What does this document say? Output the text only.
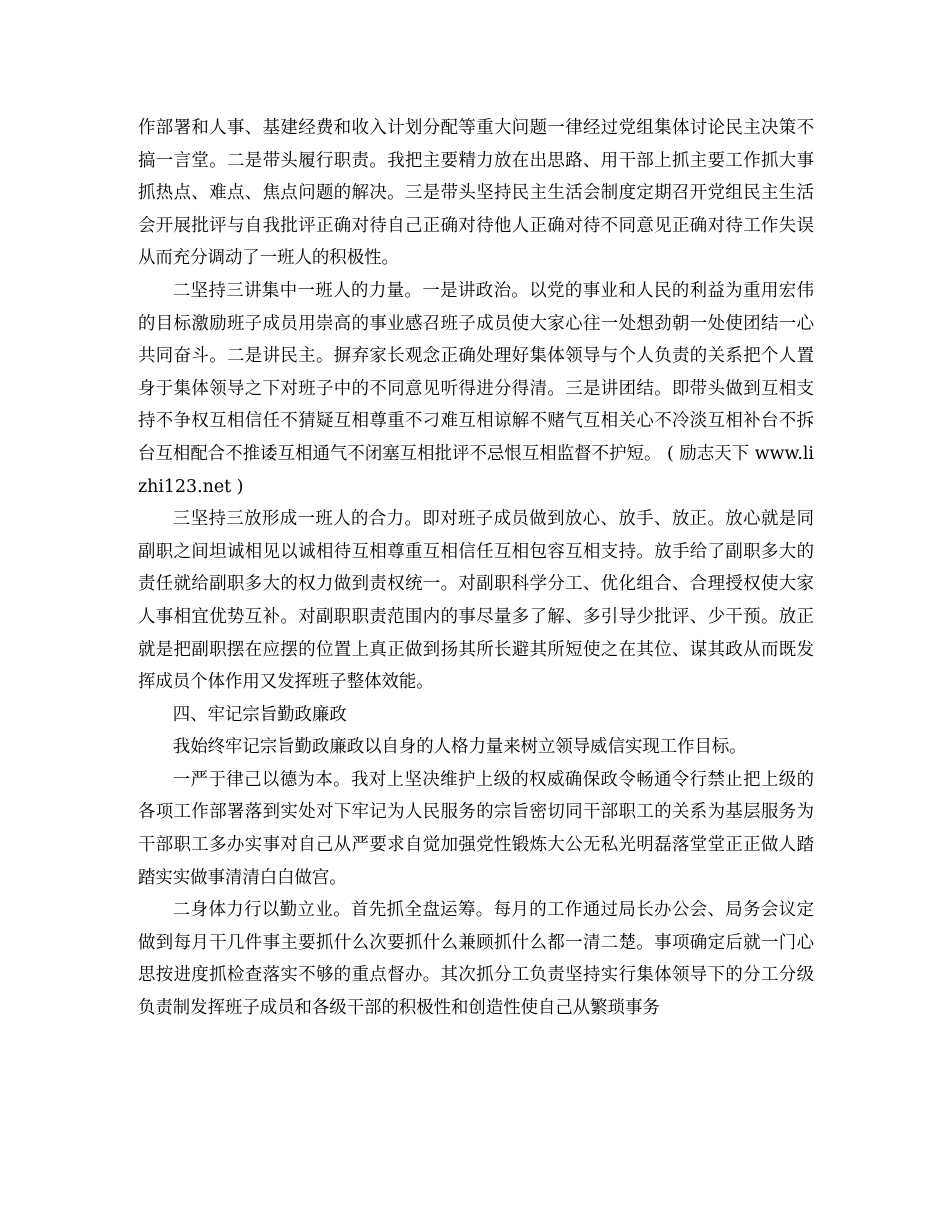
作部署和人事、基建经费和收入计划分配等重大问题一律经过党组集体讨论民主决策不搞一言堂。二是带头履行职责。我把主要精力放在出思路、用干部上抓主要工作抓大事抓热点、难点、焦点问题的解决。三是带头坚持民主生活会制度定期召开党组民主生活会开展批评与自我批评正确对待自己正确对待他人正确对待不同意见正确对待工作失误从而充分调动了一班人的积极性。

二坚持三讲集中一班人的力量。一是讲政治。以党的事业和人民的利益为重用宏伟的目标激励班子成员用崇高的事业感召班子成员使大家心往一处想劲朝一处使团结一心共同奋斗。二是讲民主。摒弃家长观念正确处理好集体领导与个人负责的关系把个人置身于集体领导之下对班子中的不同意见听得进分得清。三是讲团结。即带头做到互相支持不争权互相信任不猜疑互相尊重不刁难互相谅解不赌气互相关心不冷淡互相补台不拆台互相配合不推诿互相通气不闭塞互相批评不忌恨互相监督不护短。 ( 励志天下 www.lizhi123.net )

三坚持三放形成一班人的合力。即对班子成员做到放心、放手、放正。放心就是同副职之间坦诚相见以诚相待互相尊重互相信任互相包容互相支持。放手给了副职多大的责任就给副职多大的权力做到责权统一。对副职科学分工、优化组合、合理授权使大家人事相宜优势互补。对副职职责范围内的事尽量多了解、多引导少批评、少干预。放正就是把副职摆在应摆的位置上真正做到扬其所长避其所短使之在其位、谋其政从而既发挥成员个体作用又发挥班子整体效能。

四、牢记宗旨勤政廉政

我始终牢记宗旨勤政廉政以自身的人格力量来树立领导威信实现工作目标。

一严于律己以德为本。我对上坚决维护上级的权威确保政令畅通令行禁止把上级的各项工作部署落到实处对下牢记为人民服务的宗旨密切同干部职工的关系为基层服务为干部职工多办实事对自己从严要求自觉加强党性锻炼大公无私光明磊落堂堂正正做人踏踏实实做事清清白白做宫。

二身体力行以勤立业。首先抓全盘运筹。每月的工作通过局长办公会、局务会议定做到每月干几件事主要抓什么次要抓什么兼顾抓什么都一清二楚。事项确定后就一门心思按进度抓检查落实不够的重点督办。其次抓分工负责坚持实行集体领导下的分工分级负责制发挥班子成员和各级干部的积极性和创造性使自己从繁琐事务
